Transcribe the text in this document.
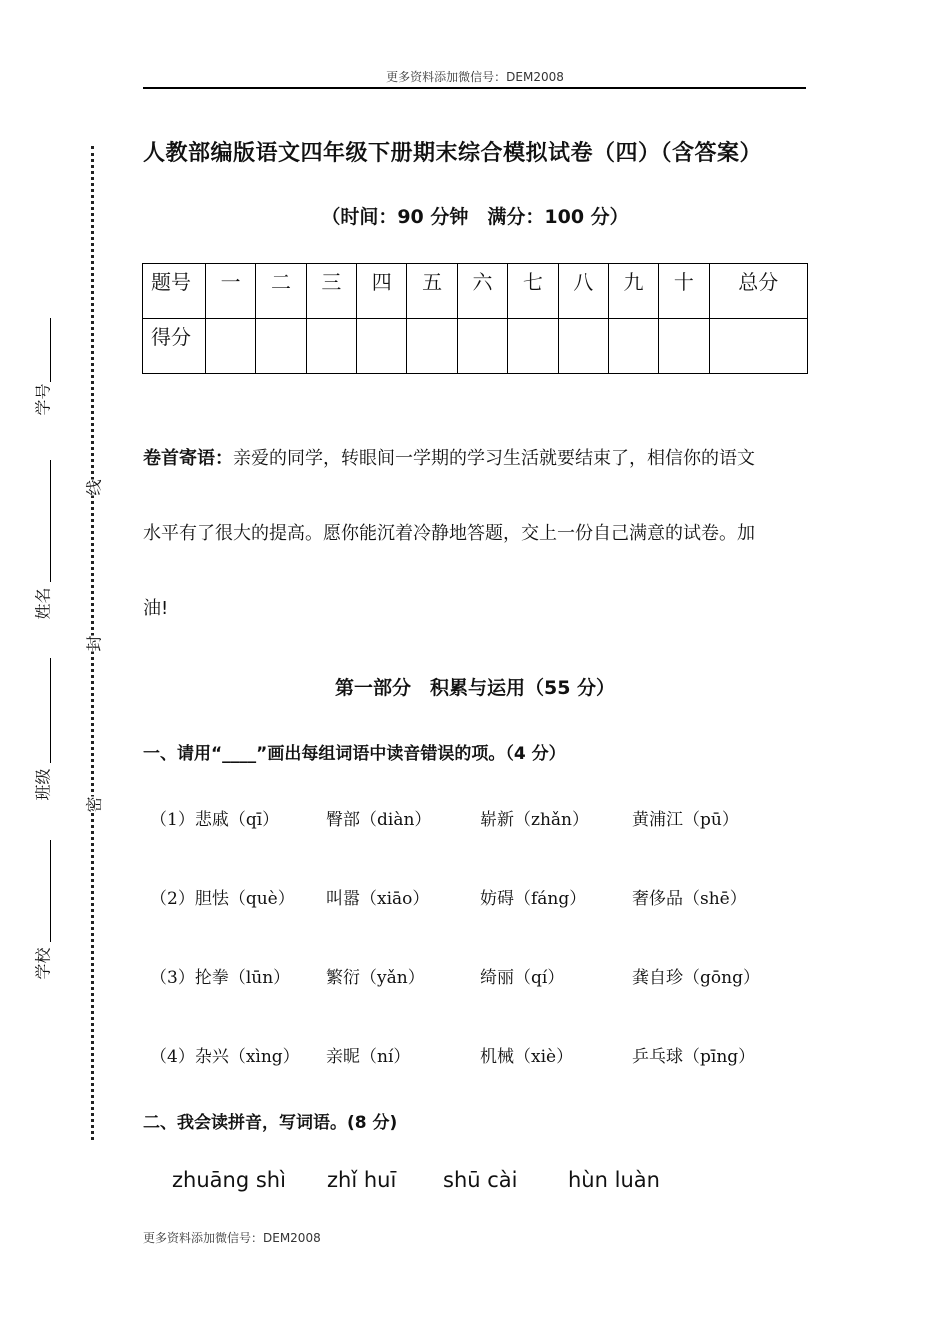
更多资料添加微信号：DEM2008
学号
姓名
班级
学校
线
封
密
人教部编版语文四年级下册期末综合模拟试卷（四）（含答案）
（时间：90 分钟　满分：100 分）
题号	一	二	三	四	五	六	七	八	九	十	总分
得分											
卷首寄语：亲爱的同学，转眼间一学期的学习生活就要结束了，相信你的语文
水平有了很大的提高。愿你能沉着冷静地答题，交上一份自己满意的试卷。加
油!
第一部分　积累与运用（55 分）
一、请用“____”画出每组词语中读音错误的项。（4 分）
（1）悲戚（qī）	臀部（diàn）	崭新（zhǎn）	黄浦江（pū）
（2）胆怯（què） 叫嚣（xiāo）	妨碍（fáng）	奢侈品（shē）
（3）抡拳（lūn） 繁衍（yǎn）	绮丽（qí）	龚自珍（gōng）
（4）杂兴（xìng） 亲昵（ní）	机械（xiè）	乒乓球（pīng）
二、我会读拼音，写词语。(8 分)
zhuāng shì zhǐ huī shū cài hùn luàn
更多资料添加微信号：DEM2008
